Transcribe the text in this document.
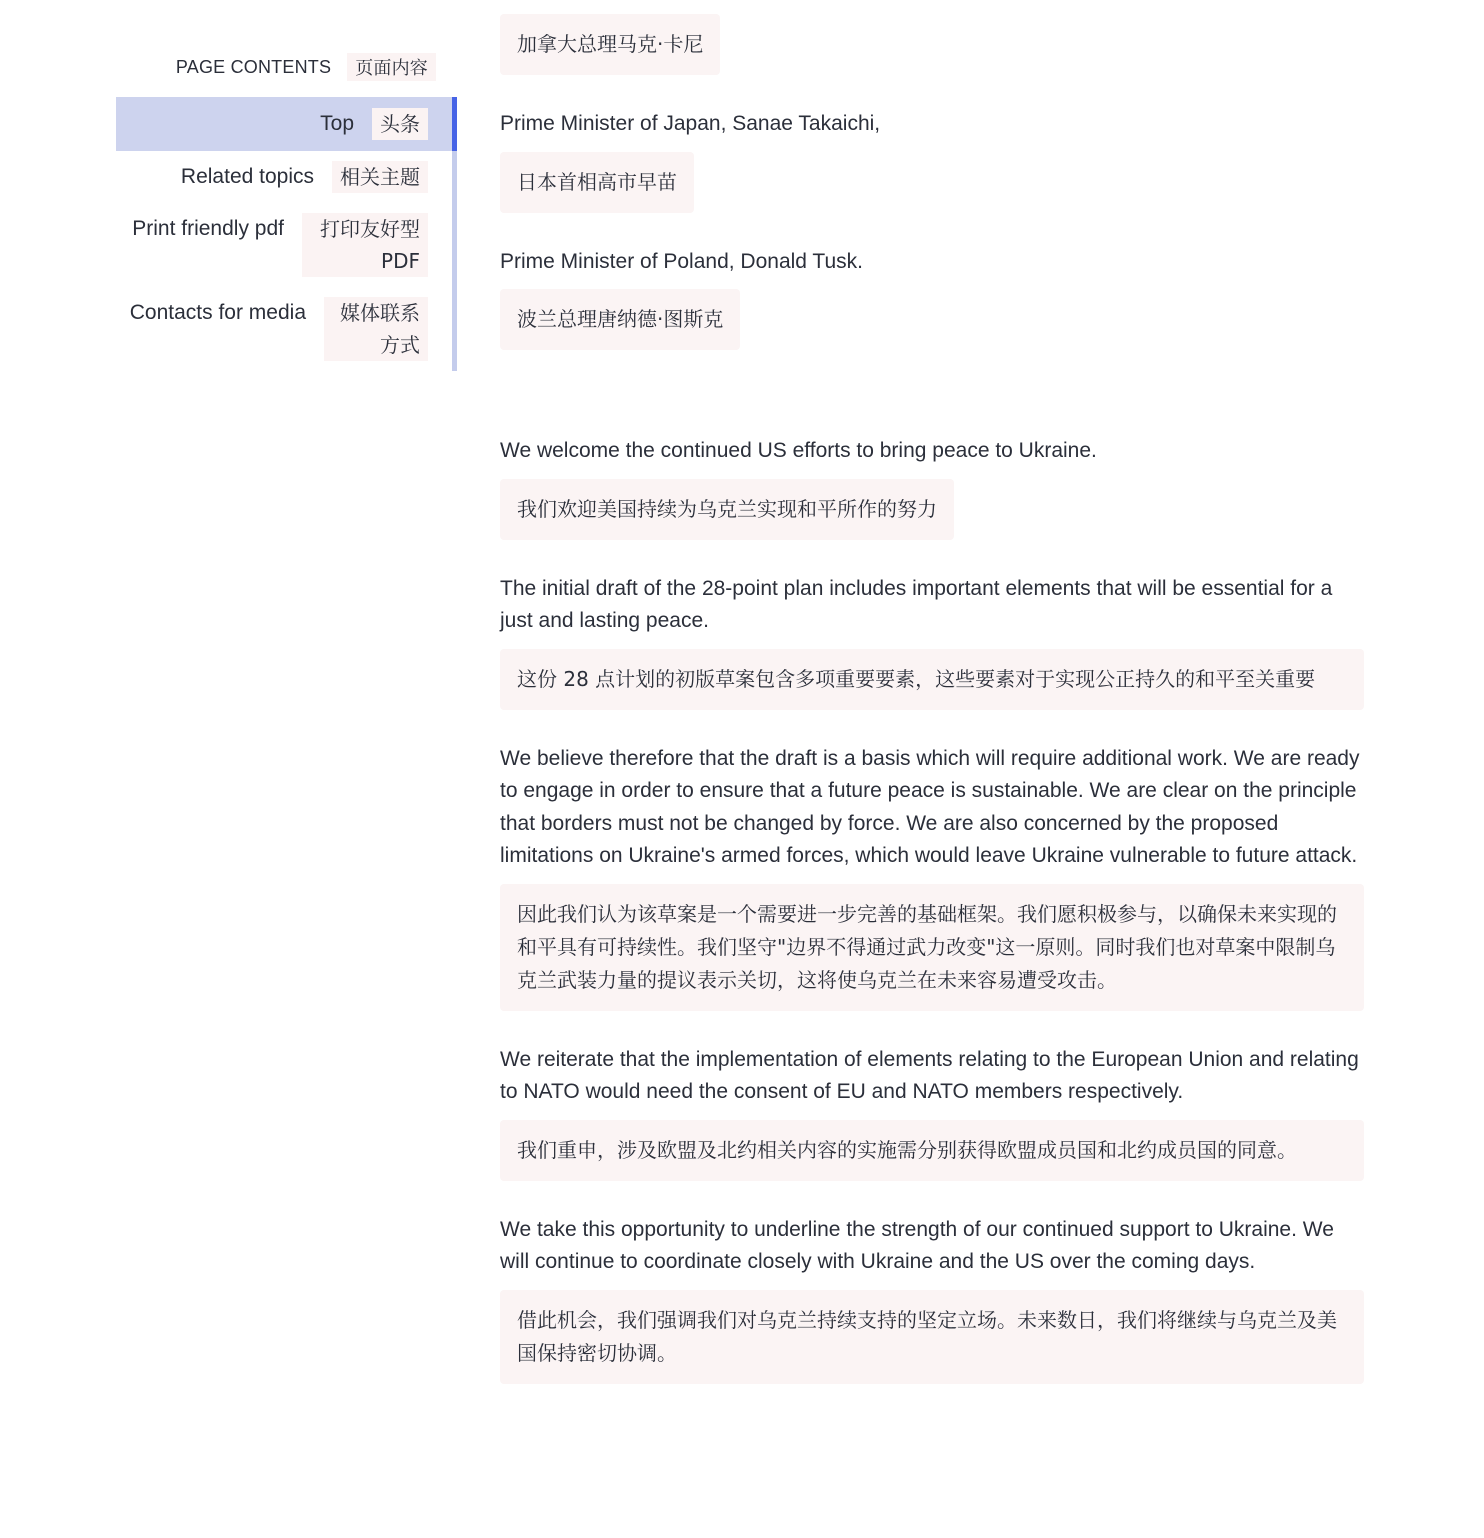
PAGE CONTENTS	页面内容
Top	头条
Related topics	相关主题
Print friendly pdf	打印友好型 PDF
Contacts for media	媒体联系方式
加拿大总理马克·卡尼

Prime Minister of Japan, Sanae Takaichi,

日本首相高市早苗

Prime Minister of Poland, Donald Tusk.

波兰总理唐纳德·图斯克

We welcome the continued US efforts to bring peace to Ukraine.

我们欢迎美国持续为乌克兰实现和平所作的努力

The initial draft of the 28-point plan includes important elements that will be essential for a just and lasting peace.

这份 28 点计划的初版草案包含多项重要要素，这些要素对于实现公正持久的和平至关重要

We believe therefore that the draft is a basis which will require additional work. We are ready to engage in order to ensure that a future peace is sustainable. We are clear on the principle that borders must not be changed by force. We are also concerned by the proposed limitations on Ukraine's armed forces, which would leave Ukraine vulnerable to future attack.

因此我们认为该草案是一个需要进一步完善的基础框架。我们愿积极参与，以确保未来实现的和平具有可持续性。我们坚守"边界不得通过武力改变"这一原则。同时我们也对草案中限制乌克兰武装力量的提议表示关切，这将使乌克兰在未来容易遭受攻击。

We reiterate that the implementation of elements relating to the European Union and relating to NATO would need the consent of EU and NATO members respectively.

我们重申，涉及欧盟及北约相关内容的实施需分别获得欧盟成员国和北约成员国的同意。

We take this opportunity to underline the strength of our continued support to Ukraine. We will continue to coordinate closely with Ukraine and the US over the coming days.

借此机会，我们强调我们对乌克兰持续支持的坚定立场。未来数日，我们将继续与乌克兰及美国保持密切协调。
